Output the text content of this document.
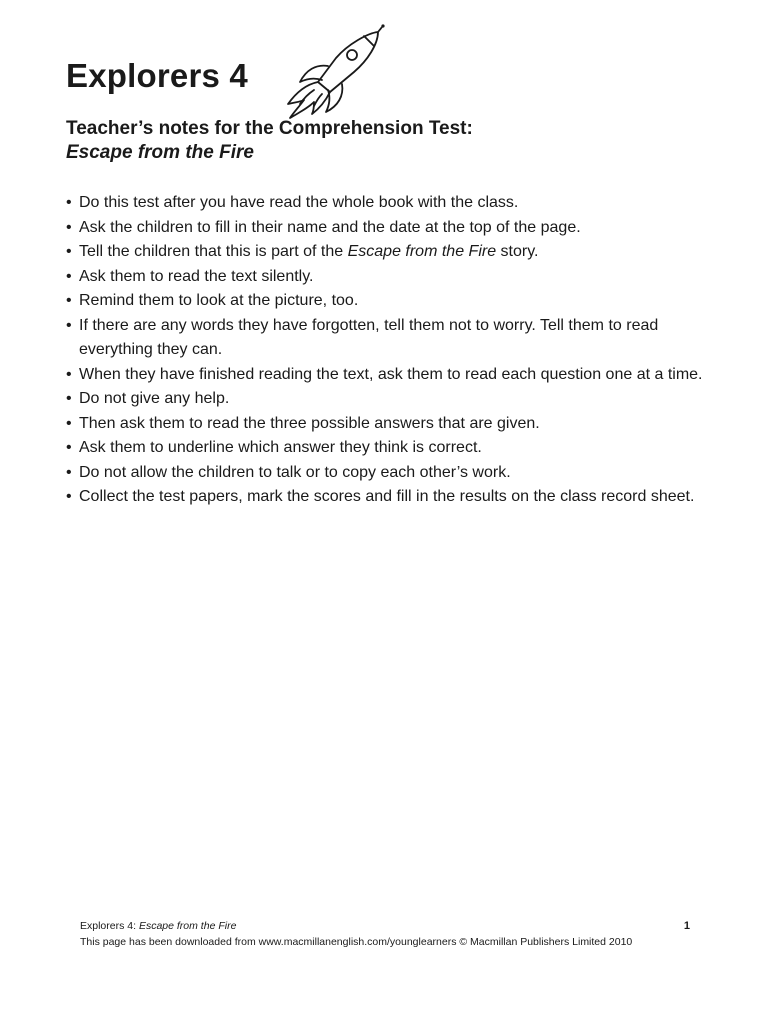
Explorers 4
Teacher’s notes for the Comprehension Test:
Escape from the Fire
• Do this test after you have read the whole book with the class.
• Ask the children to fill in their name and the date at the top of the page.
• Tell the children that this is part of the Escape from the Fire story.
• Ask them to read the text silently.
• Remind them to look at the picture, too.
• If there are any words they have forgotten, tell them not to worry. Tell them to read everything they can.
• When they have finished reading the text, ask them to read each question one at a time.
• Do not give any help.
• Then ask them to read the three possible answers that are given.
• Ask them to underline which answer they think is correct.
• Do not allow the children to talk or to copy each other’s work.
• Collect the test papers, mark the scores and fill in the results on the class record sheet.
Explorers 4: Escape from the Fire	1
This page has been downloaded from www.macmillanenglish.com/younglearners © Macmillan Publishers Limited 2010
